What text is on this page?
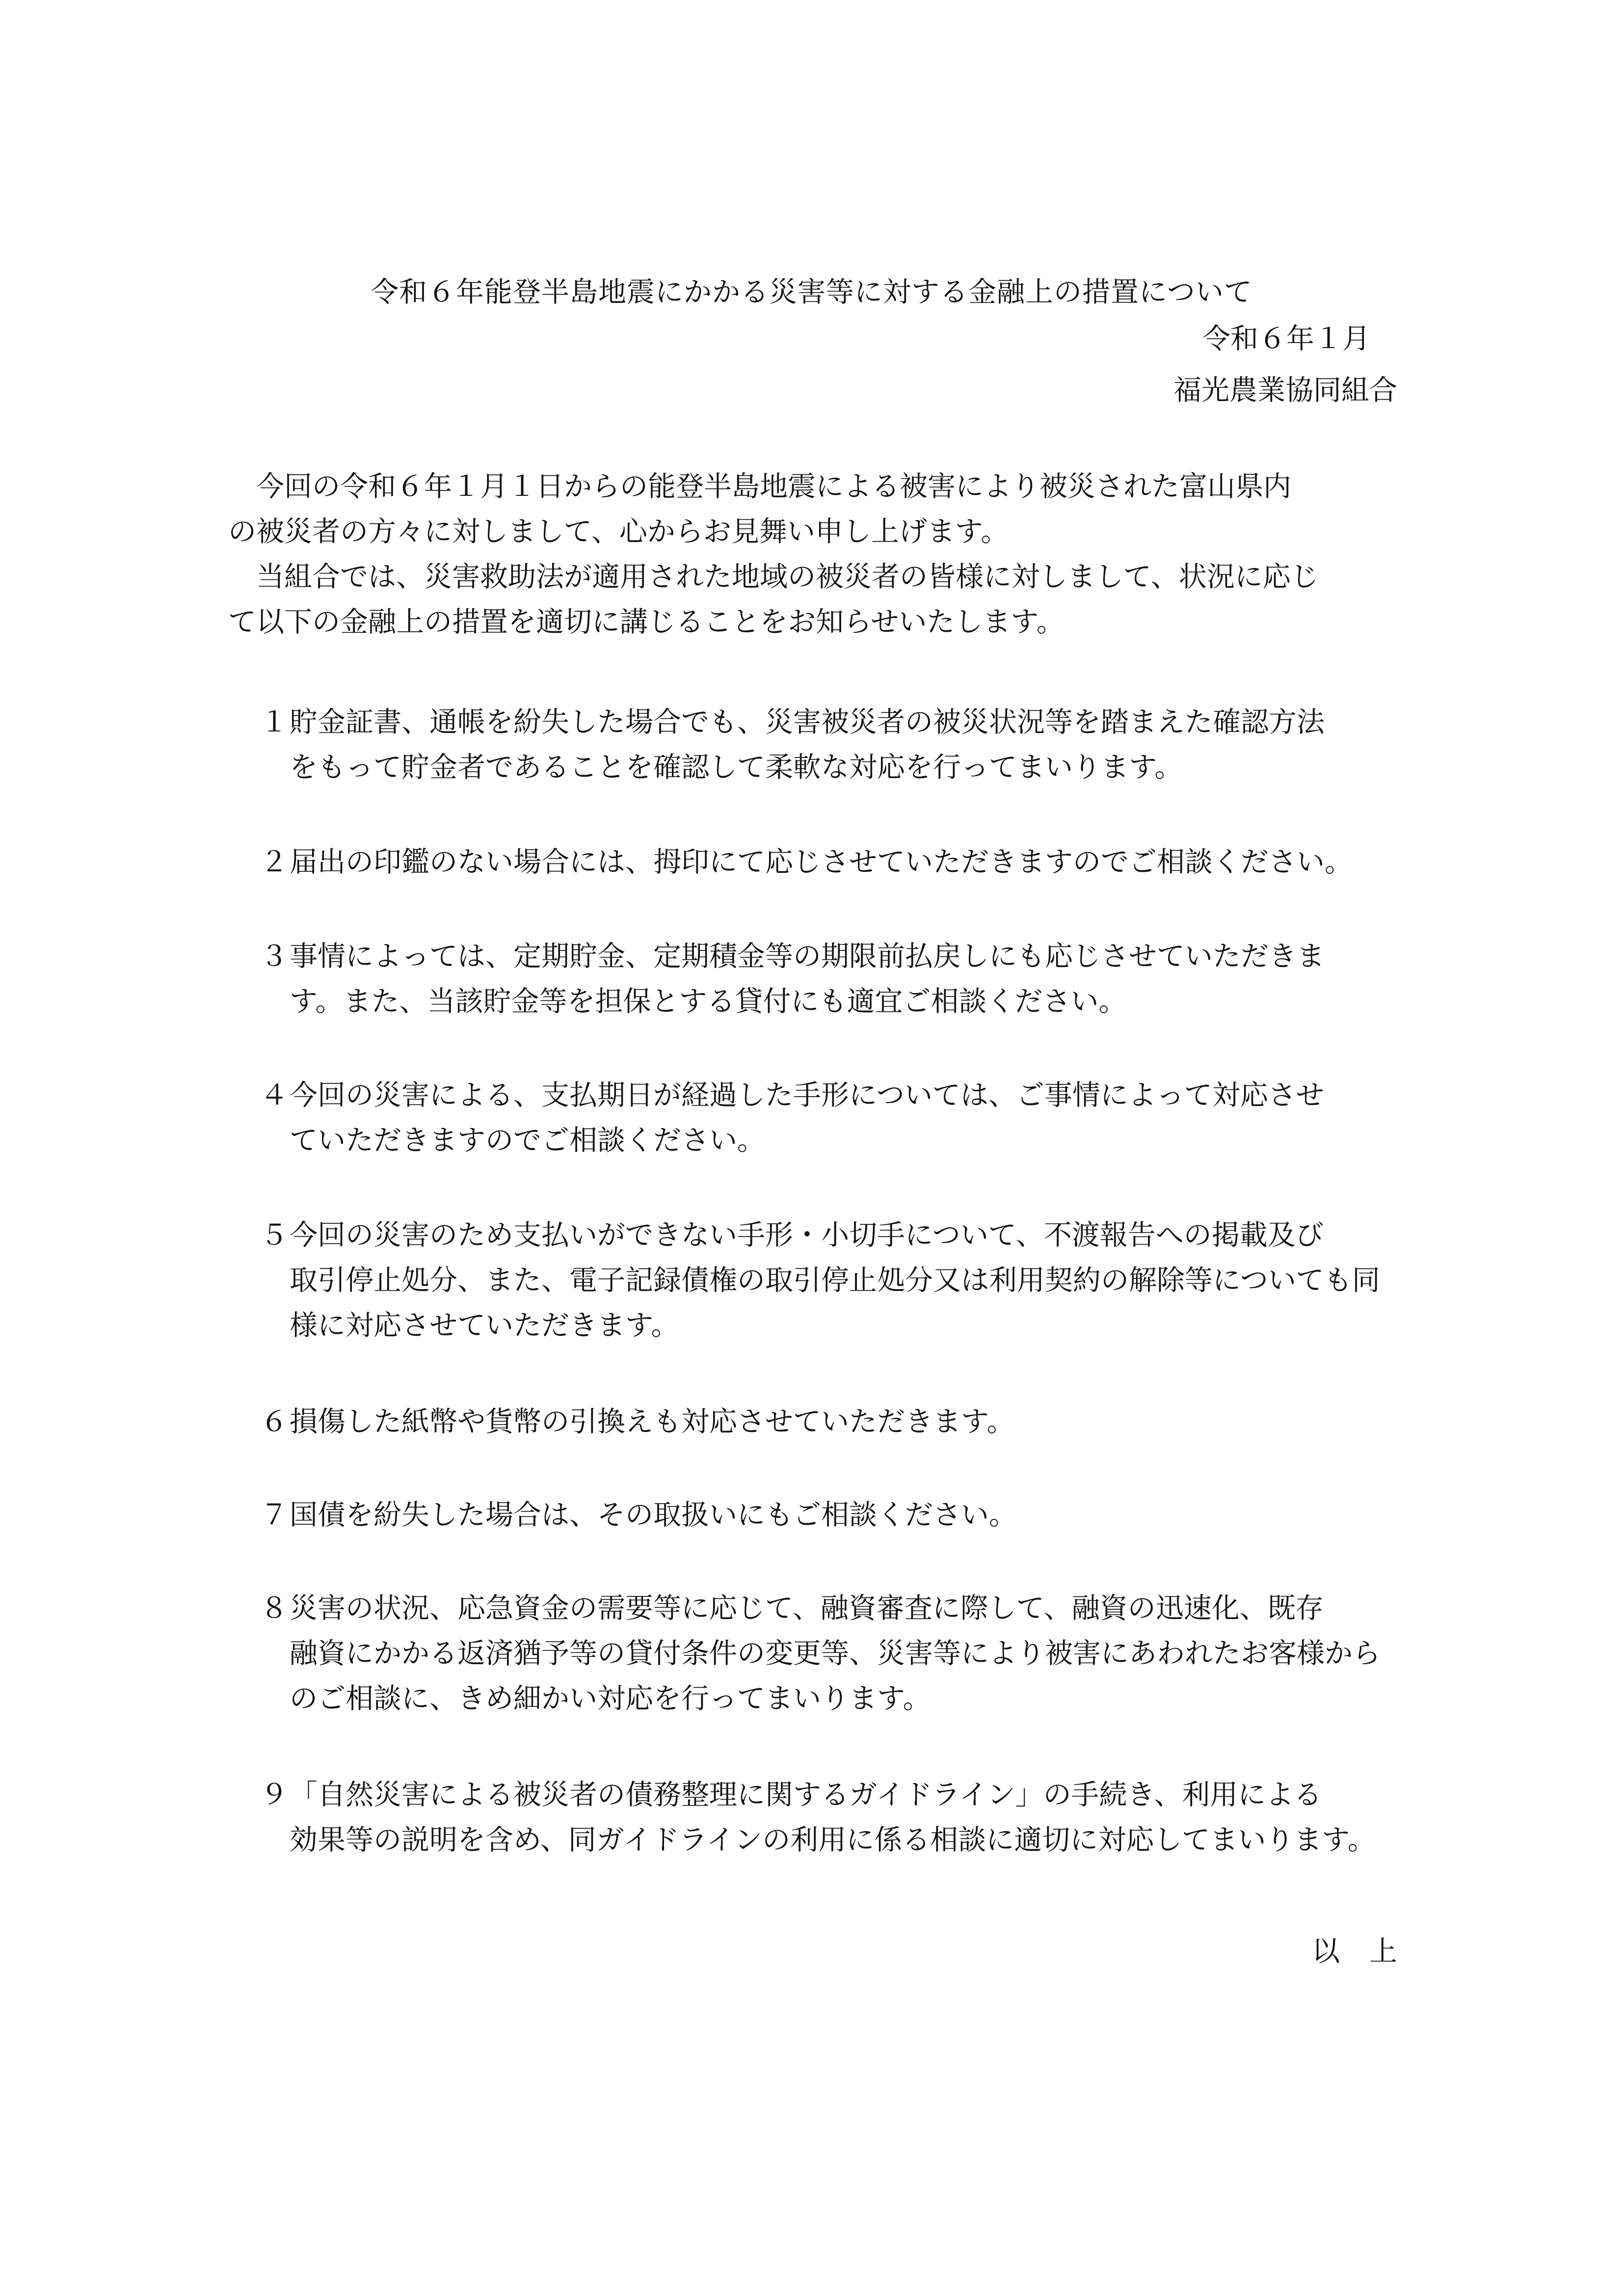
令和６年能登半島地震にかかる災害等に対する金融上の措置について
令和６年１月
福光農業協同組合

今回の令和６年１月１日からの能登半島地震による被害により被災された富山県内

の被災者の方々に対しまして、心からお見舞い申し上げます。

当組合では、災害救助法が適用された地域の被災者の皆様に対しまして、状況に応じ

て以下の金融上の措置を適切に講じることをお知らせいたします。

１ 貯金証書、通帳を紛失した場合でも、災害被災者の被災状況等を踏まえた確認方法
をもって貯金者であることを確認して柔軟な対応を行ってまいります。
２ 届出の印鑑のない場合には、拇印にて応じさせていただきますのでご相談ください。
３ 事情によっては、定期貯金、定期積金等の期限前払戻しにも応じさせていただきま
す。また、当該貯金等を担保とする貸付にも適宜ご相談ください。
４ 今回の災害による、支払期日が経過した手形については、ご事情によって対応させ
ていただきますのでご相談ください。
５ 今回の災害のため支払いができない手形・小切手について、不渡報告への掲載及び
取引停止処分、また、電子記録債権の取引停止処分又は利用契約の解除等についても同
様に対応させていただきます。
６ 損傷した紙幣や貨幣の引換えも対応させていただきます。
７ 国債を紛失した場合は、その取扱いにもご相談ください。
８ 災害の状況、応急資金の需要等に応じて、融資審査に際して、融資の迅速化、既存
融資にかかる返済猶予等の貸付条件の変更等、災害等により被害にあわれたお客様から
のご相談に、きめ細かい対応を行ってまいります。
９ 「自然災害による被災者の債務整理に関するガイドライン」の手続き、利用による
効果等の説明を含め、同ガイドラインの利用に係る相談に適切に対応してまいります。
以上
